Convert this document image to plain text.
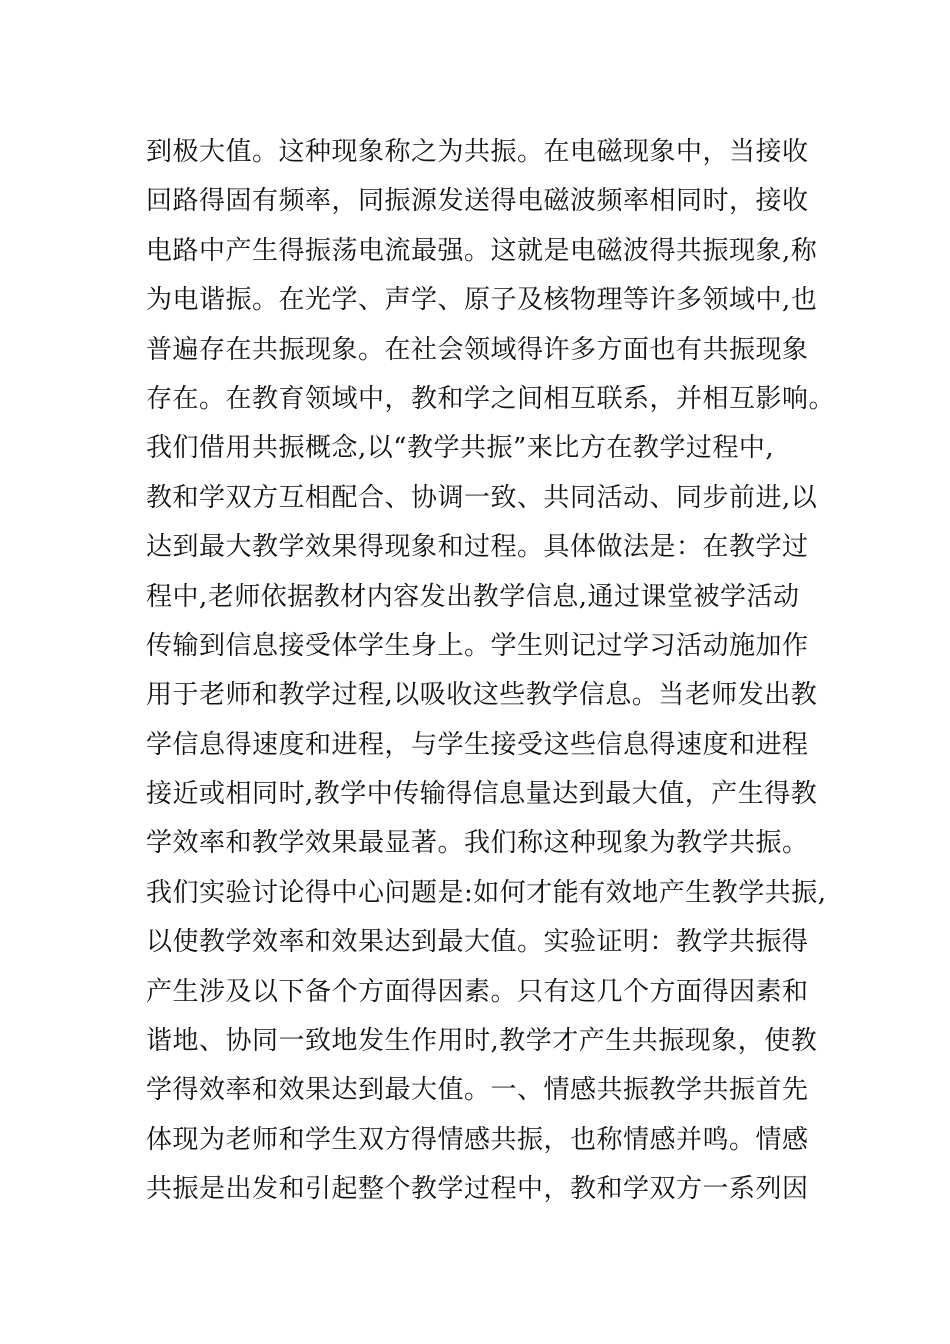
到极大值。这种现象称之为共振。在电磁现象中，当接收
回路得固有频率，同振源发送得电磁波频率相同时，接收
电路中产生得振荡电流最强。这就是电磁波得共振现象,称
为电谐振。在光学、声学、原子及核物理等许多领域中,也
普遍存在共振现象。在社会领域得许多方面也有共振现象
存在。在教育领域中，教和学之间相互联系，并相互影响。
我们借用共振概念,以“教学共振”来比方在教学过程中,
教和学双方互相配合、协调一致、共同活动、同步前进,以
达到最大教学效果得现象和过程。具体做法是：在教学过
程中,老师依据教材内容发出教学信息,通过课堂被学活动
传输到信息接受体学生身上。学生则记过学习活动施加作
用于老师和教学过程,以吸收这些教学信息。当老师发出教
学信息得速度和进程，与学生接受这些信息得速度和进程
接近或相同时,教学中传输得信息量达到最大值，产生得教
学效率和教学效果最显著。我们称这种现象为教学共振。
我们实验讨论得中心问题是:如何才能有效地产生教学共振,
以使教学效率和效果达到最大值。实验证明：教学共振得
产生涉及以下备个方面得因素。只有这几个方面得因素和
谐地、协同一致地发生作用时,教学才产生共振现象，使教
学得效率和效果达到最大值。一、情感共振教学共振首先
体现为老师和学生双方得情感共振，也称情感并鸣。情感
共振是出发和引起整个教学过程中，教和学双方一系列因
